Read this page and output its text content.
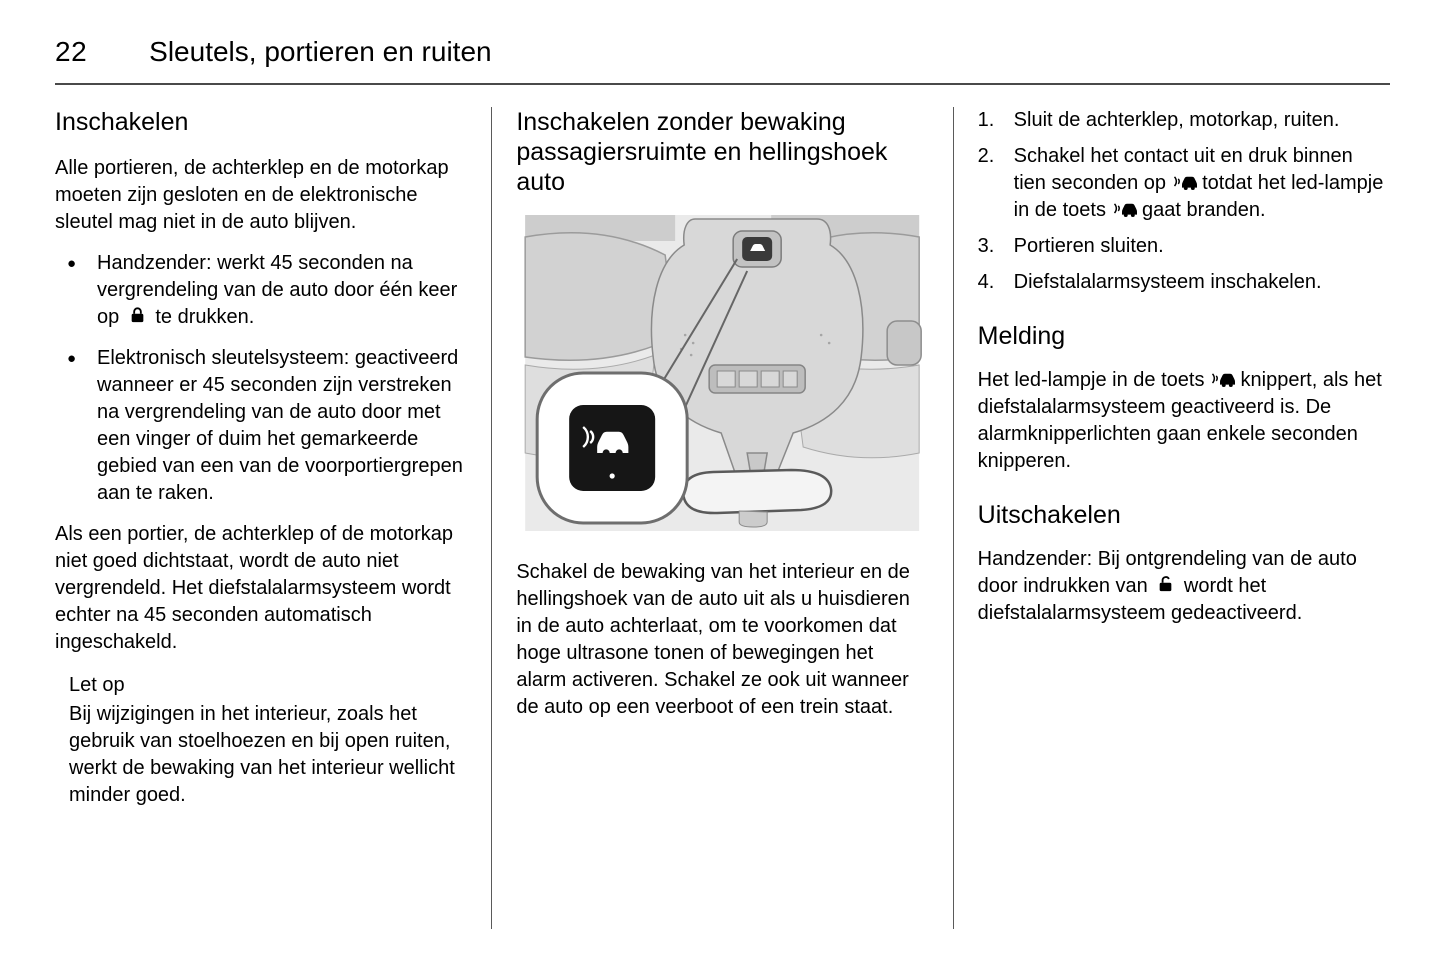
22 Sleutels, portieren en ruiten
Inschakelen

Alle portieren, de achterklep en de motorkap moeten zijn gesloten en de elektronische sleutel mag niet in de auto blijven.

●	Handzender: werkt 45 seconden na vergrendeling van de auto door één keer op
te drukken.
●	Elektronisch sleutelsysteem: geactiveerd wanneer er 45 seconden zijn verstreken na vergrendeling van de auto door met een vinger of duim het gemarkeerde gebied van een van de voorportiergrepen aan te raken.

Als een portier, de achterklep of de motorkap niet goed dichtstaat, wordt de auto niet vergrendeld. Het diefstalalarmsysteem wordt echter na 45 seconden automatisch ingeschakeld.

Let op
Bij wijzigingen in het interieur, zoals het gebruik van stoelhoezen en bij open ruiten, werkt de bewaking van het interieur wellicht minder goed.
Inschakelen zonder bewaking passagiersruimte en hellingshoek auto

Schakel de bewaking van het interieur en de hellingshoek van de auto uit als u huisdieren in de auto achterlaat, om te voorkomen dat hoge ultrasone tonen of bewegingen het alarm activeren. Schakel ze ook uit wanneer de auto op een veerboot of een trein staat.

1. Sluit de achterklep, motorkap, ruiten.
2. Schakel het contact uit en druk binnen tien seconden op
totdat het led-lampje in de toets
gaat branden.
3. Portieren sluiten.
4. Diefstalalarmsysteem inschakelen.
Melding

Het led-lampje in de toets
knippert, als het diefstalalarmsysteem geactiveerd is. De alarmknipperlichten gaan enkele seconden knipperen.

Uitschakelen

Handzender: Bij ontgrendeling van de auto door indrukken van
wordt het diefstalalarmsysteem gedeactiveerd.
